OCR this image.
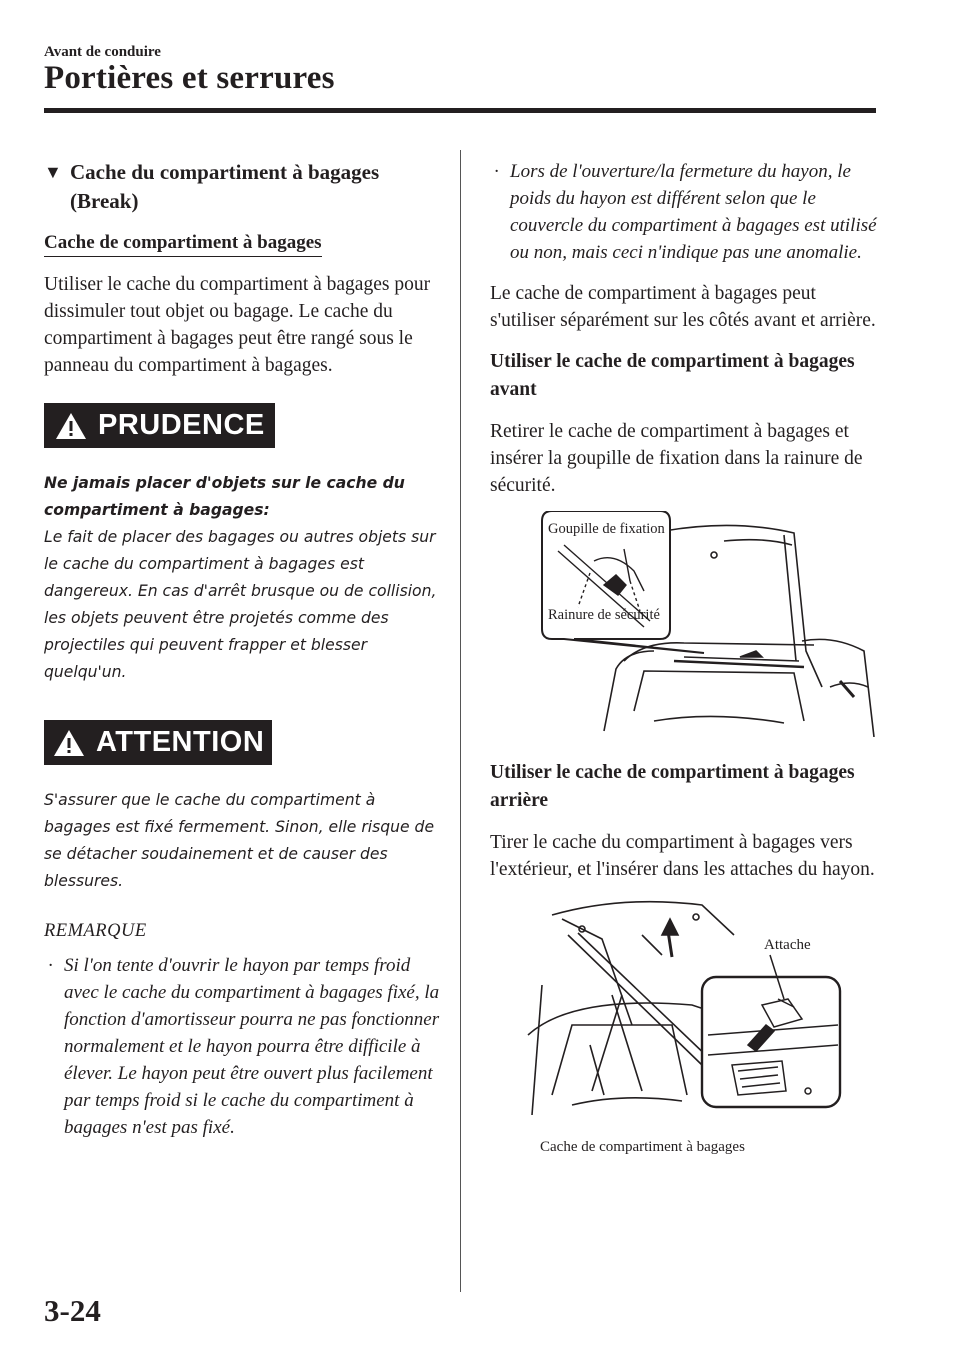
Avant de conduire
Portières et serrures
▼ Cache du compartiment à bagages (Break)
Cache de compartiment à bagages
Utiliser le cache du compartiment à bagages pour dissimuler tout objet ou bagage. Le cache du compartiment à bagages peut être rangé sous le panneau du compartiment à bagages.
PRUDENCE
Ne jamais placer d'objets sur le cache du compartiment à bagages:
Le fait de placer des bagages ou autres objets sur le cache du compartiment à bagages est dangereux. En cas d'arrêt brusque ou de collision, les objets peuvent être projetés comme des projectiles qui peuvent frapper et blesser quelqu'un.
ATTENTION
S'assurer que le cache du compartiment à bagages est fixé fermement. Sinon, elle risque de se détacher soudainement et de causer des blessures.
REMARQUE
· Si l'on tente d'ouvrir le hayon par temps froid avec le cache du compartiment à bagages fixé, la fonction d'amortisseur pourra ne pas fonctionner normalement et le hayon pourra être difficile à élever. Le hayon peut être ouvert plus facilement par temps froid si le cache du compartiment à bagages n'est pas fixé.
· Lors de l'ouverture/la fermeture du hayon, le poids du hayon est différent selon que le couvercle du compartiment à bagages est utilisé ou non, mais ceci n'indique pas une anomalie.
Le cache de compartiment à bagages peut s'utiliser séparément sur les côtés avant et arrière.
Utiliser le cache de compartiment à bagages avant
Retirer le cache de compartiment à bagages et insérer la goupille de fixation dans la rainure de sécurité.
Goupille de fixation
Rainure de sécurité
Utiliser le cache de compartiment à bagages arrière
Tirer le cache du compartiment à bagages vers l'extérieur, et l'insérer dans les attaches du hayon.
Attache
Cache de compartiment à bagages
3-24
